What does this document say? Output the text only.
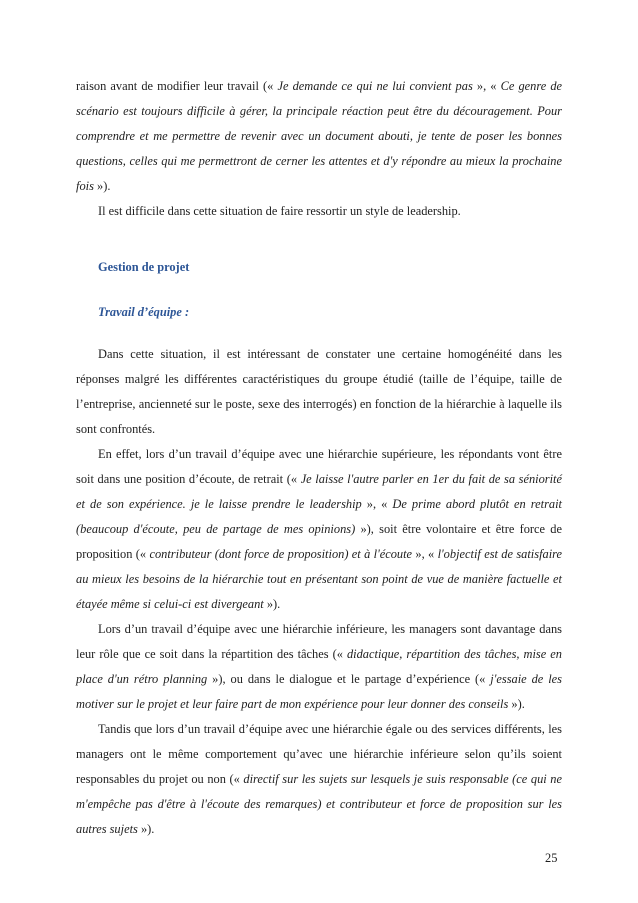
raison avant de modifier leur travail (« Je demande ce qui ne lui convient pas », « Ce genre de scénario est toujours difficile à gérer, la principale réaction peut être du découragement. Pour comprendre et me permettre de revenir avec un document abouti, je tente de poser les bonnes questions, celles qui me permettront de cerner les attentes et d'y répondre au mieux la prochaine fois »).

Il est difficile dans cette situation de faire ressortir un style de leadership.

Gestion de projet

Travail d’équipe :

Dans cette situation, il est intéressant de constater une certaine homogénéité dans les réponses malgré les différentes caractéristiques du groupe étudié (taille de l’équipe, taille de l’entreprise, ancienneté sur le poste, sexe des interrogés) en fonction de la hiérarchie à laquelle ils sont confrontés.

En effet, lors d’un travail d’équipe avec une hiérarchie supérieure, les répondants vont être soit dans une position d’écoute, de retrait (« Je laisse l'autre parler en 1er du fait de sa séniorité et de son expérience. je le laisse prendre le leadership », « De prime abord plutôt en retrait (beaucoup d'écoute, peu de partage de mes opinions) »), soit être volontaire et être force de proposition (« contributeur (dont force de proposition) et à l'écoute », « l'objectif est de satisfaire au mieux les besoins de la hiérarchie tout en présentant son point de vue de manière factuelle et étayée même si celui-ci est divergeant »).

Lors d’un travail d’équipe avec une hiérarchie inférieure, les managers sont davantage dans leur rôle que ce soit dans la répartition des tâches (« didactique, répartition des tâches, mise en place d'un rétro planning »), ou dans le dialogue et le partage d’expérience (« j'essaie de les motiver sur le projet et leur faire part de mon expérience pour leur donner des conseils »).

Tandis que lors d’un travail d’équipe avec une hiérarchie égale ou des services différents, les managers ont le même comportement qu’avec une hiérarchie inférieure selon qu’ils soient responsables du projet ou non (« directif sur les sujets sur lesquels je suis responsable (ce qui ne m'empêche pas d'être à l'écoute des remarques) et contributeur et force de proposition sur les autres sujets »).

25
